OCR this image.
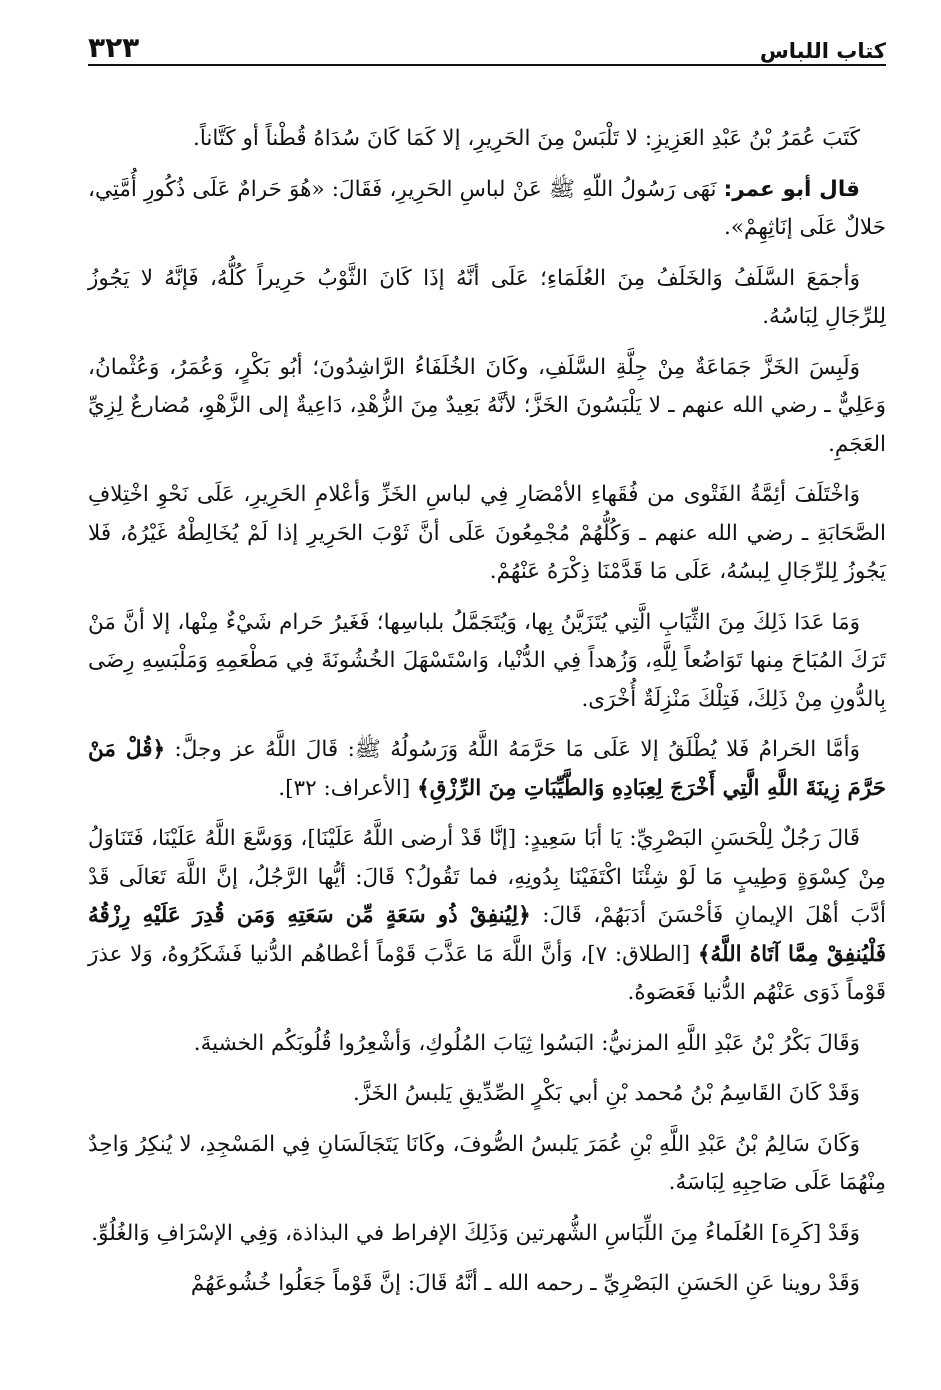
كتاب اللباس
٣٢٣

كَتَبَ عُمَرُ بْنُ عَبْدِ العَزِيزِ: لا تَلْبَسْ مِنَ الحَرِيرِ، إلا كَمَا كَانَ سُدَاهُ قُطْناً أو كَتَّاناً.

قال أبو عمر: نَهَى رَسُولُ اللّهِ ﷺ عَنْ لباسِ الحَرِيرِ، فَقَالَ: «هُوَ حَرامٌ عَلَى ذُكُورِ أُمَّتِي، حَلالٌ عَلَى إنَاثِهِمْ».

وَأجمَعَ السَّلَفُ وَالخَلَفُ مِنَ العُلَمَاءِ؛ عَلَى أنَّهُ إذَا كَانَ الثَّوْبُ حَرِيراً كُلُّهُ، فَإنَّهُ لا يَجُوزُ لِلرِّجَالِ لِبَاسُهُ.

وَلَبِسَ الخَزَّ جَمَاعَةٌ مِنْ جِلَّةِ السَّلَفِ، وكَانَ الخُلَفَاءُ الرَّاشِدُونَ؛ أبُو بَكْرٍ، وَعُمَرُ، وَعُثْمانُ، وَعَلِيٌّ ـ رضي الله عنهم ـ لا يَلْبَسُونَ الخَزَّ؛ لأنَّهُ بَعِيدٌ مِنَ الزُّهْدِ، دَاعِيةٌ إلى الزَّهْوِ، مُضارعٌ لِزِيِّ العَجَمِ.

وَاخْتَلَفَ أئِمَّةُ الفَتْوى من فُقَهاءِ الأمْصَارِ فِي لباسِ الخَزِّ وَأعْلامِ الحَرِيرِ، عَلَى نَحْوِ اخْتِلافِ الصَّحَابَةِ ـ رضي الله عنهم ـ وَكُلُّهُمْ مُجْمِعُونَ عَلَى أنَّ ثَوْبَ الحَرِيرِ إذا لَمْ يُخَالِطْهُ غَيْرُهُ، فَلا يَجُوزُ لِلرِّجَالِ لِبسُهُ، عَلَى مَا قَدَّمْنَا ذِكْرَهُ عَنْهُمْ.

وَمَا عَدَا ذَلِكَ مِنَ الثِّيَابِ الَّتِي يُتَزَيَّنُ بِها، وَيُتَجَمَّلُ بلباسِها؛ فَغَيرُ حَرام شَيْءٌ مِنْها، إلا أنَّ مَنْ تَرَكَ المُبَاحَ مِنها تَوَاضُعاً لِلَّهِ، وَزُهداً فِي الدُّنْيا، وَاسْتَسْهَلَ الخُشُونَةَ فِي مَطْعَمِهِ وَمَلْبَسِهِ رِضَى بِالدُّونِ مِنْ ذَلِكَ، فَتِلْكَ مَنْزِلَةٌ أُخْرَى.

وَأمَّا الحَرامُ فَلا يُطْلَقُ إلا عَلَى مَا حَرَّمَهُ اللَّهُ وَرَسُولُهُ ﷺ: قَالَ اللَّهُ عز وجلَّ: ﴿قُلْ مَنْ حَرَّمَ زِينَةَ اللَّهِ الَّتِي أَخْرَجَ لِعِبَادِهِ وَالطَّيِّبَاتِ مِنَ الرِّزْقِ﴾ [الأعراف: ٣٢].

قَالَ رَجُلٌ لِلْحَسَنِ البَصْرِيِّ: يَا أبَا سَعِيدٍ: [إنَّا قَدْ أرضى اللَّهُ عَلَيْنَا]، وَوَسَّعَ اللَّهُ عَلَيْنَا، فَتَنَاوَلُ مِنْ كِسْوَةٍ وَطِيبٍ مَا لَوْ شِئْنَا اكْتَفَيْنَا بِدُونِهِ، فما تَقُولُ؟ قَالَ: أيُّها الرَّجُلُ، إنَّ اللَّهَ تَعَالَى قَدْ أدَّبَ أهْلَ الإيمانِ فَأحْسَنَ أدَبَهُمْ، قَالَ: ﴿لِيُنفِقْ ذُو سَعَةٍ مِّن سَعَتِهِ وَمَن قُدِرَ عَلَيْهِ رِزْقُهُ فَلْيُنفِقْ مِمَّا آتَاهُ اللَّهُ﴾ [الطلاق: ٧]، وَأنَّ اللَّهَ مَا عَذَّبَ قَوْماً أعْطاهُم الدُّنيا فَشَكَرُوهُ، وَلا عذرَ قَوْماً ذَوَى عَنْهُم الدُّنيا فَعَصَوهُ.

وَقَالَ بَكْرُ بْنُ عَبْدِ اللَّهِ المزنيُّ: البَسُوا ثِيَابَ المُلُوكِ، وَأشْعِرُوا قُلُوبَكُم الخشيةَ.

وَقَدْ كَانَ القَاسِمُ بْنُ مُحمد بْنِ أبي بَكْرٍ الصِّدِّيقِ يَلبسُ الخَزَّ.

وَكَانَ سَالِمُ بْنُ عَبْدِ اللَّهِ بْنِ عُمَرَ يَلبسُ الصُّوفَ، وكَانَا يَتَجَالَسَانِ فِي المَسْجِدِ، لا يُنكِرُ وَاحِدٌ مِنْهُمَا عَلَى صَاحِبِهِ لِبَاسَهُ.

وَقَدْ [كَرِهَ] العُلَماءُ مِنَ اللِّبَاسِ الشُّهرتين وَذَلِكَ الإفراط في البذاذة، وَفِي الإسْرَافِ وَالغُلُوِّ.

وَقَدْ روينا عَنِ الحَسَنِ البَصْرِيِّ ـ رحمه الله ـ أنَّهُ قَالَ: إنَّ قَوْماً جَعَلُوا خُشُوعَهُمْ
